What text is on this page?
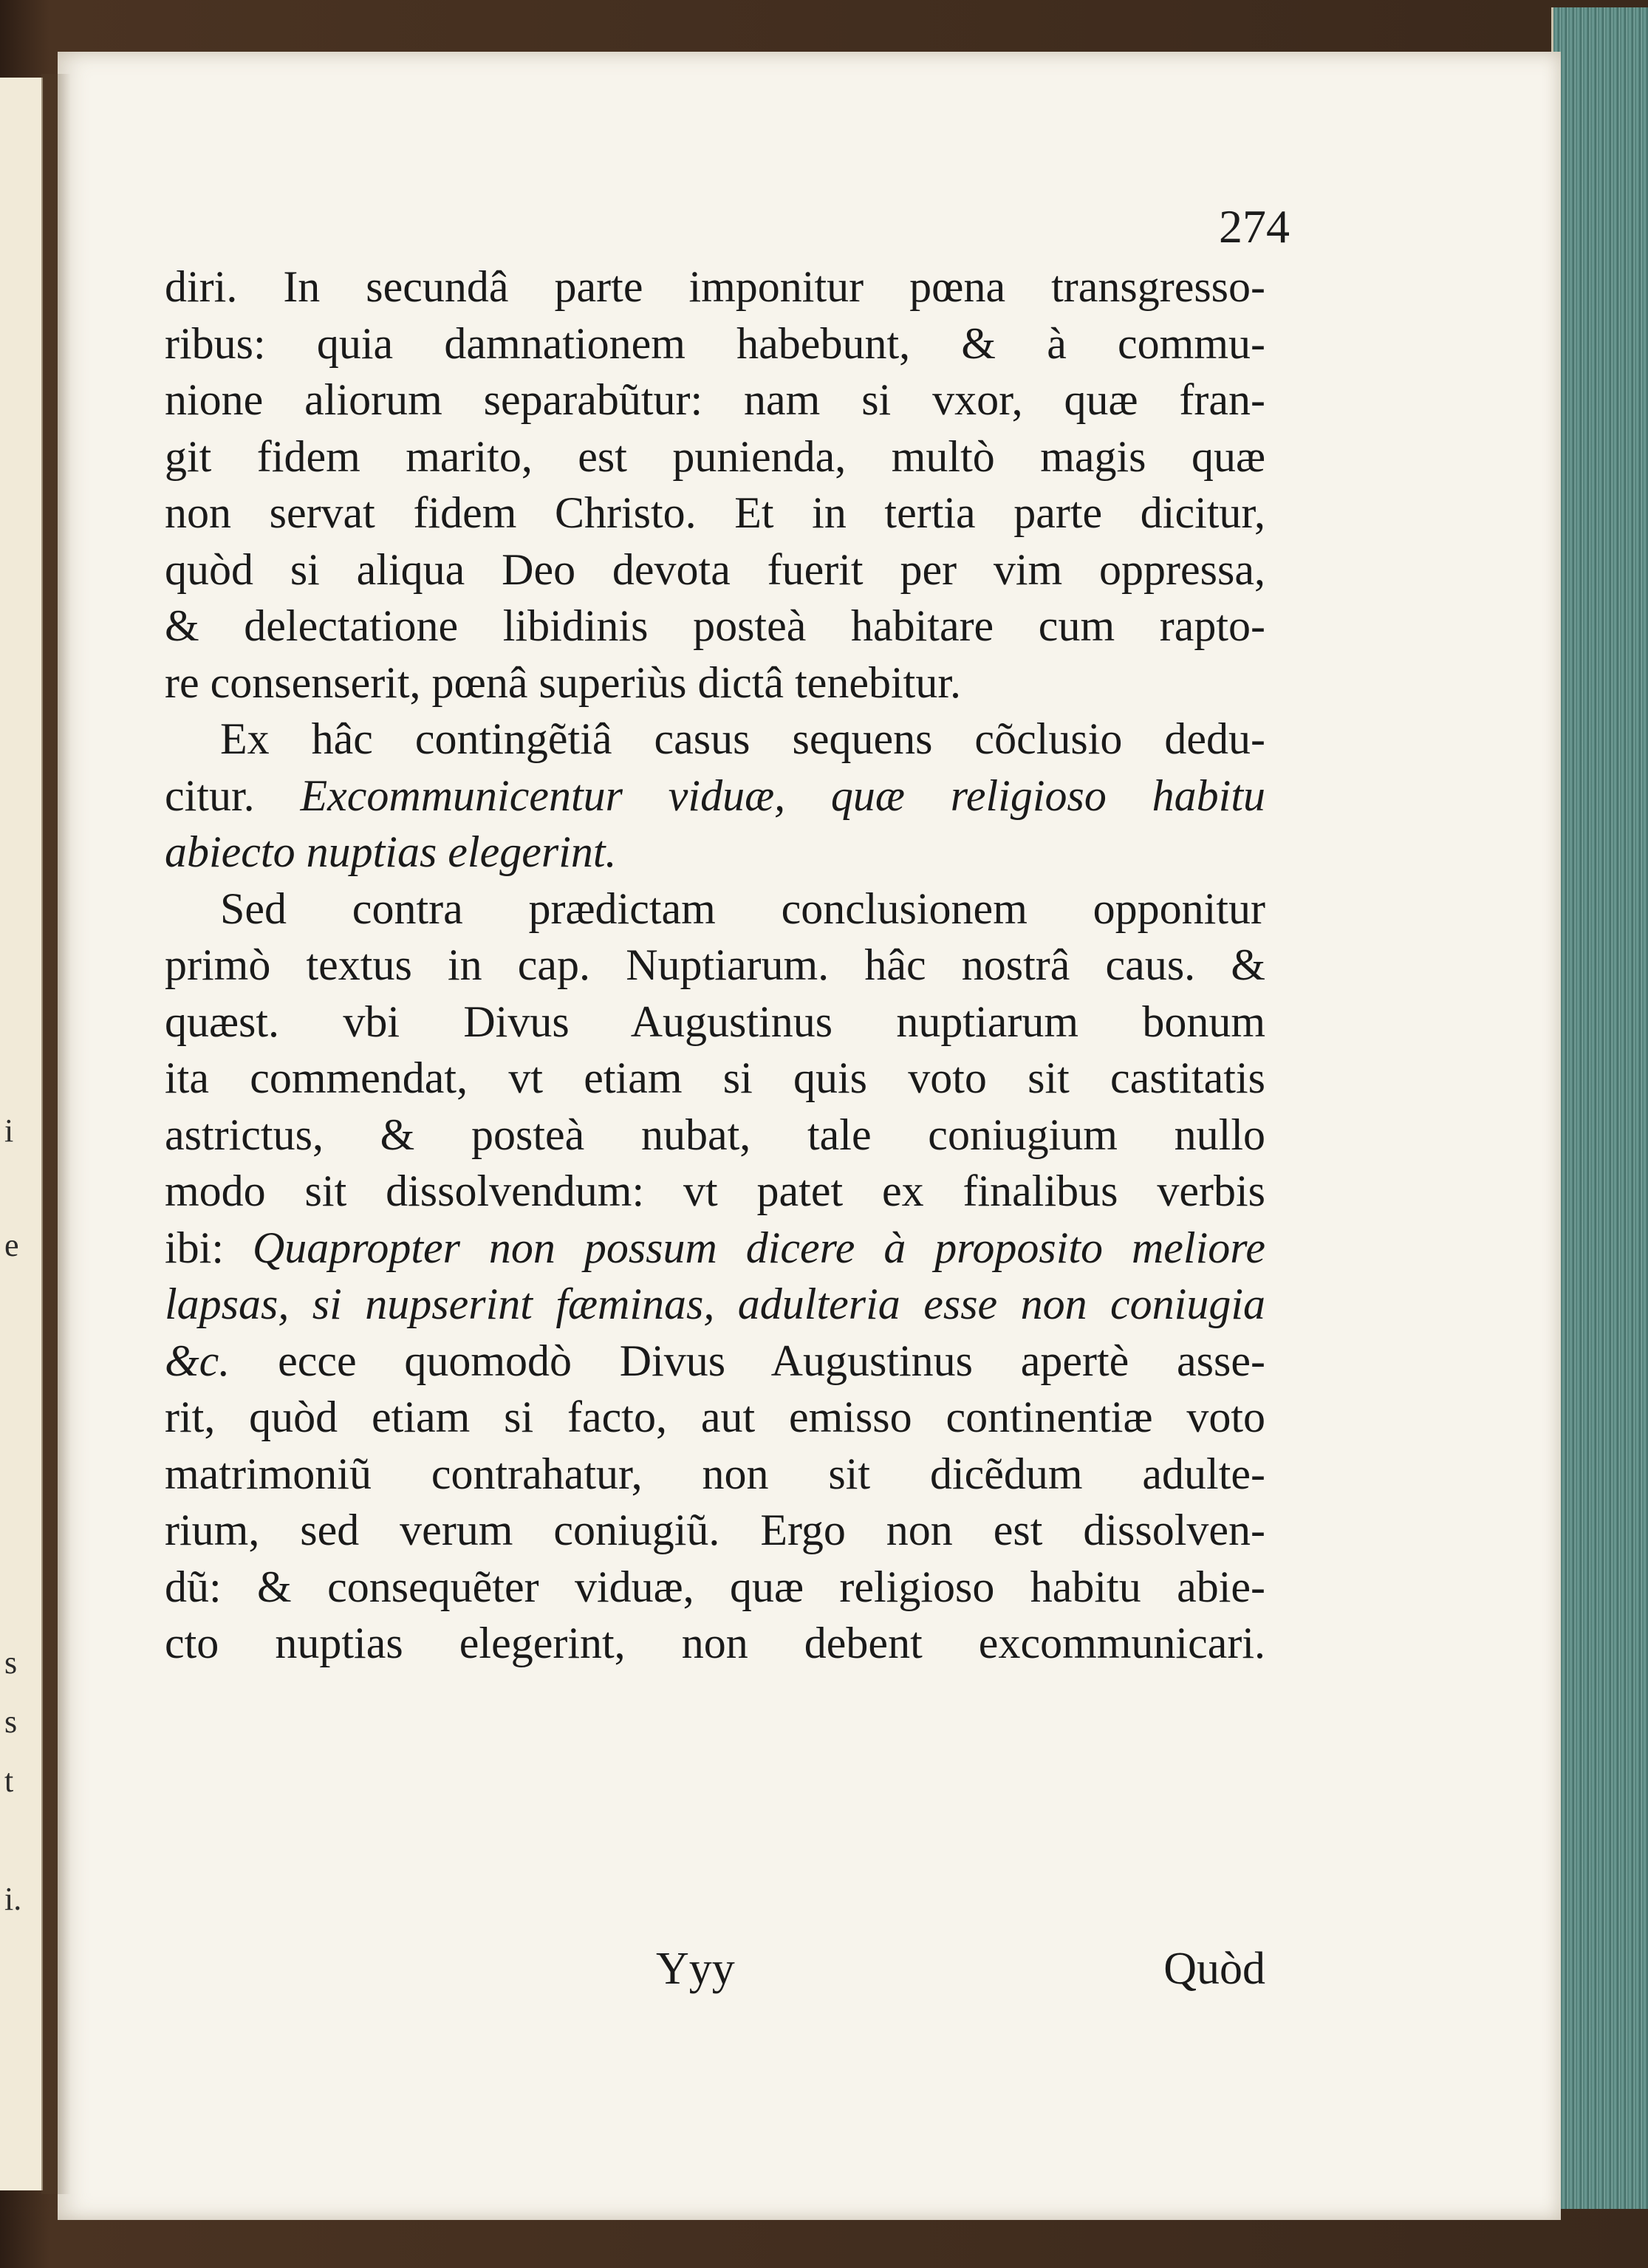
i
e
s
s
t
i.
274
diri. In secundâ parte imponitur pœna transgresso-
ribus: quia damnationem habebunt, & à commu-
nione aliorum separabũtur: nam si vxor, quæ fran-
git fidem marito, est punienda, multò magis quæ
non servat fidem Christo. Et in tertia parte dicitur,
quòd si aliqua Deo devota fuerit per vim oppressa,
& delectatione libidinis posteà habitare cum rapto-
re consenserit, pœnâ superiùs dictâ tenebitur.
Ex hâc contingẽtiâ casus sequens cõclusio dedu-
citur. Excommunicentur viduæ, quæ religioso habitu
abiecto nuptias elegerint.
Sed contra prædictam conclusionem opponitur
primò textus in cap. Nuptiarum. hâc nostrâ caus. &
quæst. vbi Divus Augustinus nuptiarum bonum
ita commendat, vt etiam si quis voto sit castitatis
astrictus, & posteà nubat, tale coniugium nullo
modo sit dissolvendum: vt patet ex finalibus verbis
ibi: Quapropter non possum dicere à proposito meliore
lapsas, si nupserint fæminas, adulteria esse non coniugia
&c. ecce quomodò Divus Augustinus apertè asse-
rit, quòd etiam si facto, aut emisso continentiæ voto
matrimoniũ contrahatur, non sit dicẽdum adulte-
rium, sed verum coniugiũ. Ergo non est dissolven-
dũ: & consequẽter viduæ, quæ religioso habitu abie-
cto nuptias elegerint, non debent excommunicari.
Yyy	Quòd
